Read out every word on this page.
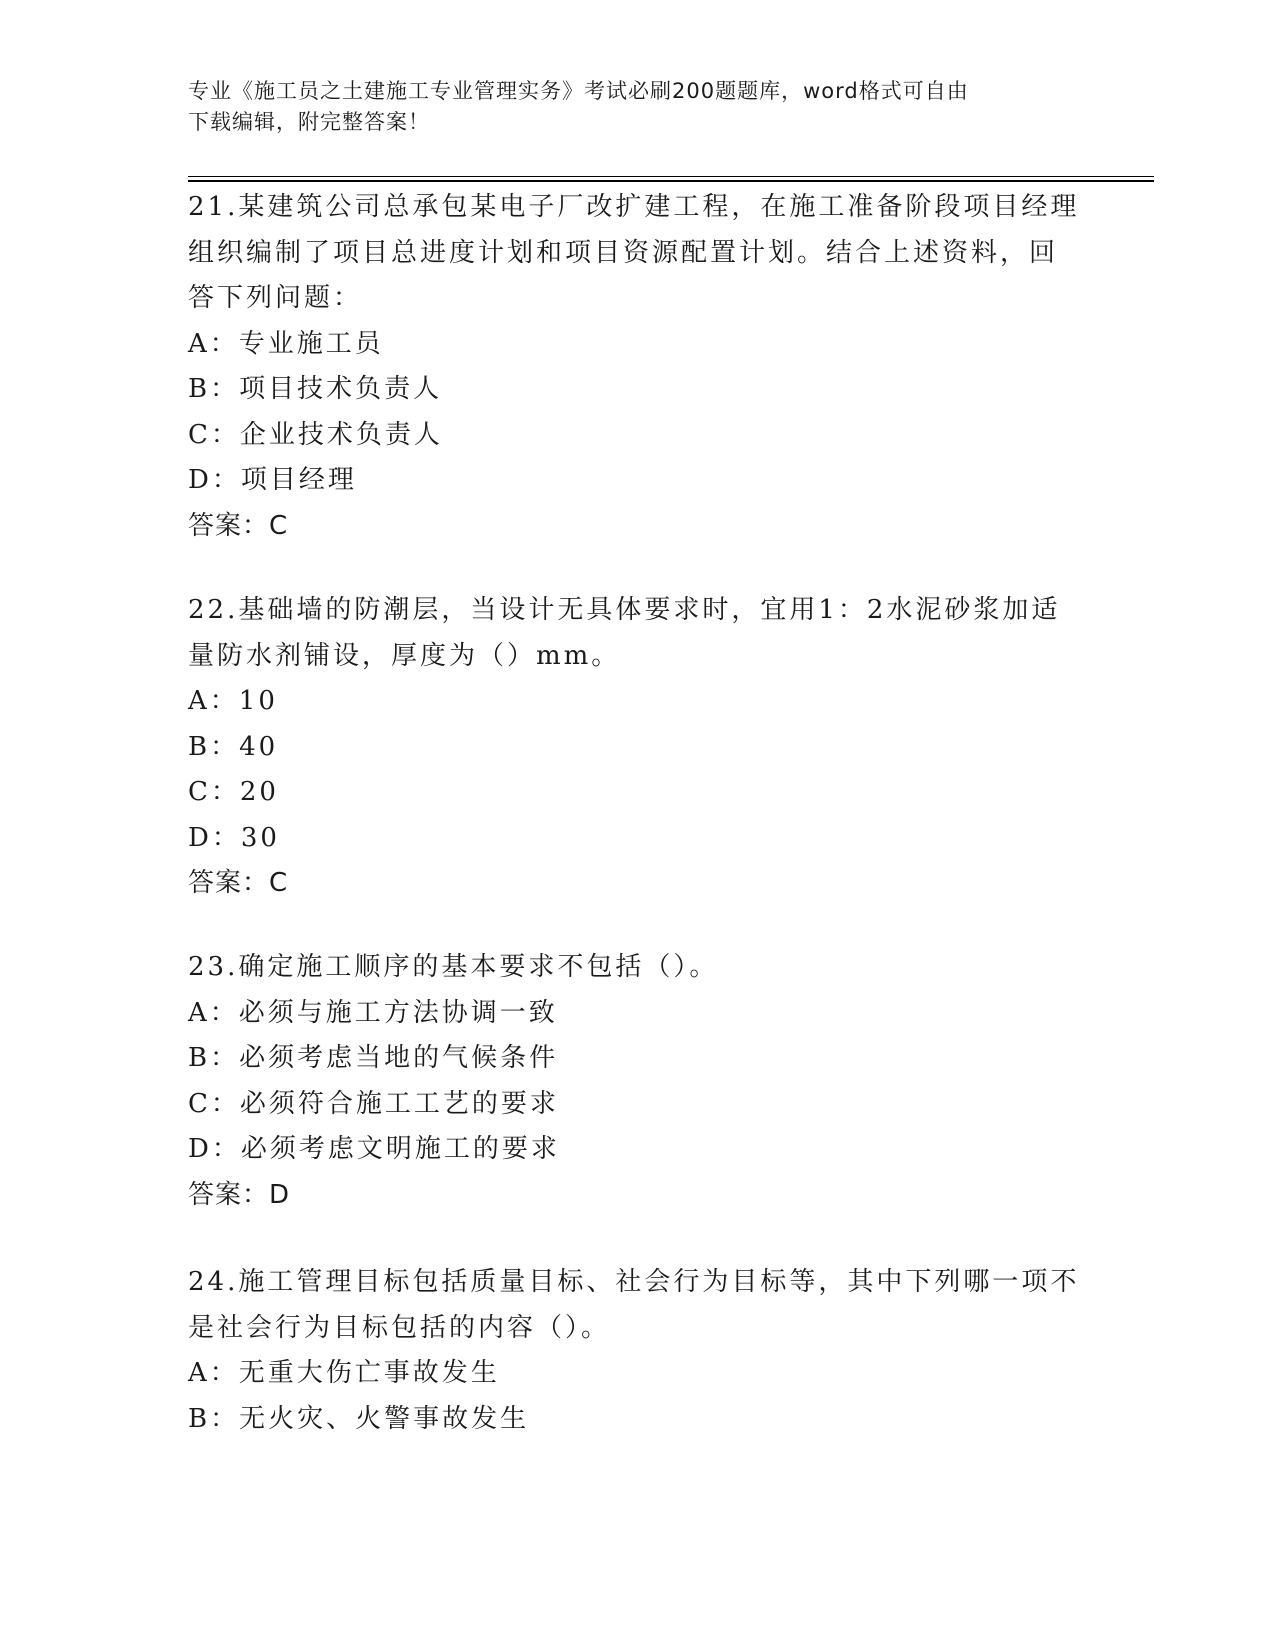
专业《施工员之土建施工专业管理实务》考试必刷200题题库，word格式可自由
下载编辑，附完整答案！

21.某建筑公司总承包某电子厂改扩建工程，在施工准备阶段项目经理

组织编制了项目总进度计划和项目资源配置计划。结合上述资料，回

答下列问题：

A：专业施工员

B：项目技术负责人

C：企业技术负责人

D：项目经理

答案：C

22.基础墙的防潮层，当设计无具体要求时，宜用1：2水泥砂浆加适

量防水剂铺设，厚度为（）mm。

A：10

B：40

C：20

D：30

答案：C

23.确定施工顺序的基本要求不包括（）。

A：必须与施工方法协调一致

B：必须考虑当地的气候条件

C：必须符合施工工艺的要求

D：必须考虑文明施工的要求

答案：D

24.施工管理目标包括质量目标、社会行为目标等，其中下列哪一项不

是社会行为目标包括的内容（）。

A：无重大伤亡事故发生

B：无火灾、火警事故发生
